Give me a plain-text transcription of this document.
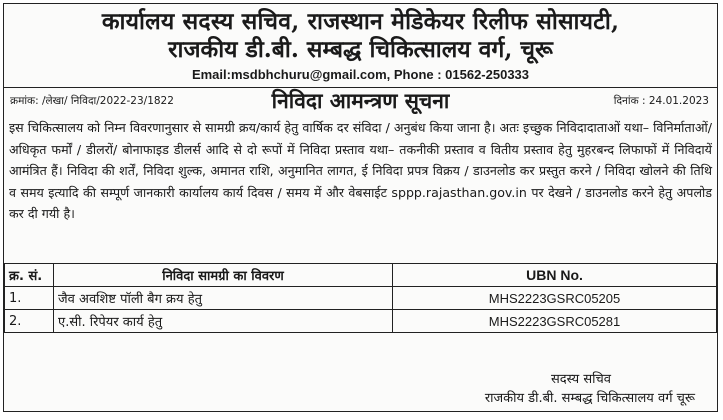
कार्यालय सदस्य सचिव, राजस्थान मेडिकेयर रिलीफ सोसायटी,
राजकीय डी.बी. सम्बद्ध चिकित्सालय वर्ग, चूरू
Email:msdbhchuru@gmail.com, Phone : 01562-250333
निविदा आमन्त्रण सूचना
क्रमांक: /लेखा/ निविदा/2022-23/1822	दिनांक : 24.01.2023
इस चिकित्सालय को निम्न विवरणानुसार से सामग्री क्रय/कार्य हेतु वार्षिक दर संविदा / अनुबंध किया जाना है। अतः इच्छुक निविदादाताओं यथा– विनिर्माताओं/ अधिकृत फर्मों / डीलरों/ बोनाफाइड डीलर्स आदि से दो रूपों में निविदा प्रस्ताव यथा– तकनीकी प्रस्ताव व वितीय प्रस्ताव हेतु मुहरबन्द लिफाफों में निविदायें आमंत्रित हैं। निविदा की शर्तें, निविदा शुल्क, अमानत राशि, अनुमानित लागत, ई निविदा प्रपत्र विक्रय / डाउनलोड कर प्रस्तुत करने / निविदा खोलने की तिथि व समय इत्यादि की सम्पूर्ण जानकारी कार्यालय कार्य दिवस / समय में और वेबसाईट sppp.rajasthan.gov.in पर देखने / डाउनलोड करने हेतु अपलोड कर दी गयी है।
क्र. सं.	निविदा सामग्री का विवरण	UBN No.
1.	जैव अवशिष्ट पॉली बैग क्रय हेतु	MHS2223GSRC05205
2.	ए.सी. रिपेयर कार्य हेतु	MHS2223GSRC05281
सदस्य सचिव
राजकीय डी.बी. सम्बद्ध चिकित्सालय वर्ग चूरू
